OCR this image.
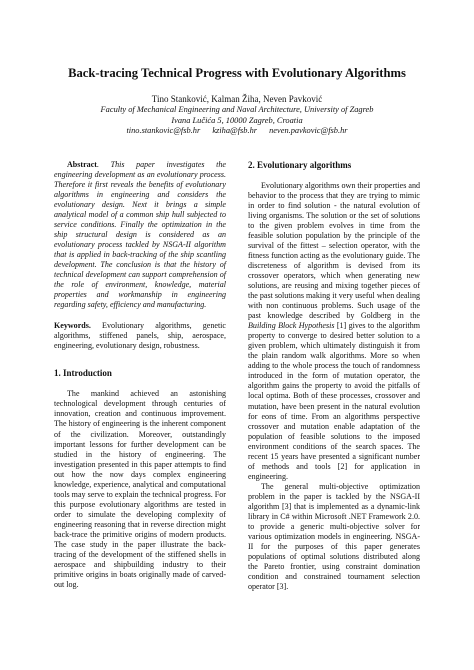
Back-tracing Technical Progress with Evolutionary Algorithms
Tino Stanković, Kalman Žiha, Neven Pavković
Faculty of Mechanical Engineering and Naval Architecture, University of Zagreb
Ivana Lučića 5, 10000 Zagreb, Croatia
tino.stankovic@fsb.hr kziha@fsb.hr neven.pavkovic@fsb.hr

Abstract. This paper investigates the engineering development as an evolutionary process. Therefore it first reveals the benefits of evolutionary algorithms in engineering and considers the evolutionary design. Next it brings a simple analytical model of a common ship hull subjected to service conditions. Finally the optimization in the ship structural design is considered as an evolutionary process tackled by NSGA-II algorithm that is applied in back-tracking of the ship scantling development. The conclusion is that the history of technical development can support comprehension of the role of environment, knowledge, material properties and workmanship in engineering regarding safety, efficiency and manufacturing.

Keywords. Evolutionary algorithms, genetic algorithms, stiffened panels, ship, aerospace, engineering, evolutionary design, robustness.

1. Introduction

The mankind achieved an astonishing technological development through centuries of innovation, creation and continuous improvement. The history of engineering is the inherent component of the civilization. Moreover, outstandingly important lessons for further development can be studied in the history of engineering. The investigation presented in this paper attempts to find out how the now days complex engineering knowledge, experience, analytical and computational tools may serve to explain the technical progress. For this purpose evolutionary algorithms are tested in order to simulate the developing complexity of engineering reasoning that in reverse direction might back-trace the primitive origins of modern products. The case study in the paper illustrate the back-tracing of the development of the stiffened shells in aerospace and shipbuilding industry to their primitive origins in boats originally made of carved-out log.

2. Evolutionary algorithms

Evolutionary algorithms own their properties and behavior to the process that they are trying to mimic in order to find solution - the natural evolution of living organisms. The solution or the set of solutions to the given problem evolves in time from the feasible solution population by the principle of the survival of the fittest – selection operator, with the fitness function acting as the evolutionary guide. The discreteness of algorithm is devised from its crossover operators, which when generating new solutions, are reusing and mixing together pieces of the past solutions making it very useful when dealing with non continuous problems. Such usage of the past knowledge described by Goldberg in the Building Block Hypothesis [1] gives to the algorithm property to converge to desired better solution to a given problem, which ultimately distinguish it from the plain random walk algorithms. More so when adding to the whole process the touch of randomness introduced in the form of mutation operator, the algorithm gains the property to avoid the pitfalls of local optima. Both of these processes, crossover and mutation, have been present in the natural evolution for eons of time. From an algorithms perspective crossover and mutation enable adaptation of the population of feasible solutions to the imposed environment conditions of the search spaces. The recent 15 years have presented a significant number of methods and tools [2] for application in engineering.

The general multi-objective optimization problem in the paper is tackled by the NSGA-II algorithm [3] that is implemented as a dynamic-link library in C# within Microsoft .NET Framework 2.0. to provide a generic multi-objective solver for various optimization models in engineering. NSGA-II for the purposes of this paper generates populations of optimal solutions distributed along the Pareto frontier, using constraint domination condition and constrained tournament selection operator [3].
